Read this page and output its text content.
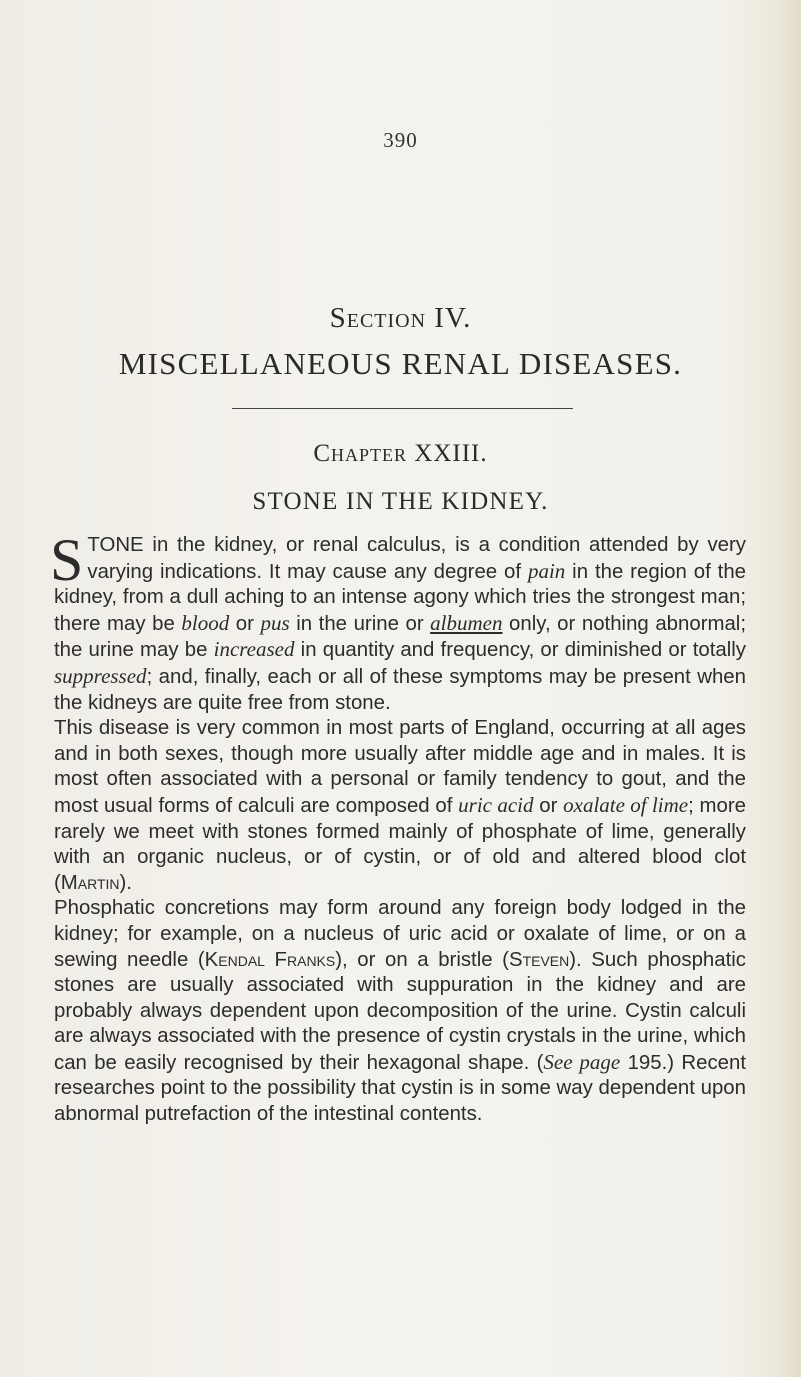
390
Section IV.
MISCELLANEOUS RENAL DISEASES.
Chapter XXIII.
STONE IN THE KIDNEY.

STONE in the kidney, or renal calculus, is a condition attended by very varying indications. It may cause any degree of pain in the region of the kidney, from a dull aching to an intense agony which tries the strongest man; there may be blood or pus in the urine or albumen only, or nothing abnormal; the urine may be increased in quantity and frequency, or diminished or totally suppressed; and, finally, each or all of these symptoms may be present when the kidneys are quite free from stone.

This disease is very common in most parts of England, occurring at all ages and in both sexes, though more usually after middle age and in males. It is most often associated with a personal or family tendency to gout, and the most usual forms of calculi are composed of uric acid or oxalate of lime; more rarely we meet with stones formed mainly of phosphate of lime, generally with an organic nucleus, or of cystin, or of old and altered blood clot (Martin).

Phosphatic concretions may form around any foreign body lodged in the kidney; for example, on a nucleus of uric acid or oxalate of lime, or on a sewing needle (Kendal Franks), or on a bristle (Steven). Such phosphatic stones are usually associated with suppuration in the kidney and are probably always dependent upon decomposition of the urine. Cystin calculi are always associated with the presence of cystin crystals in the urine, which can be easily recognised by their hexagonal shape. (See page 195.) Recent researches point to the possibility that cystin is in some way dependent upon abnormal putrefaction of the intestinal contents.
